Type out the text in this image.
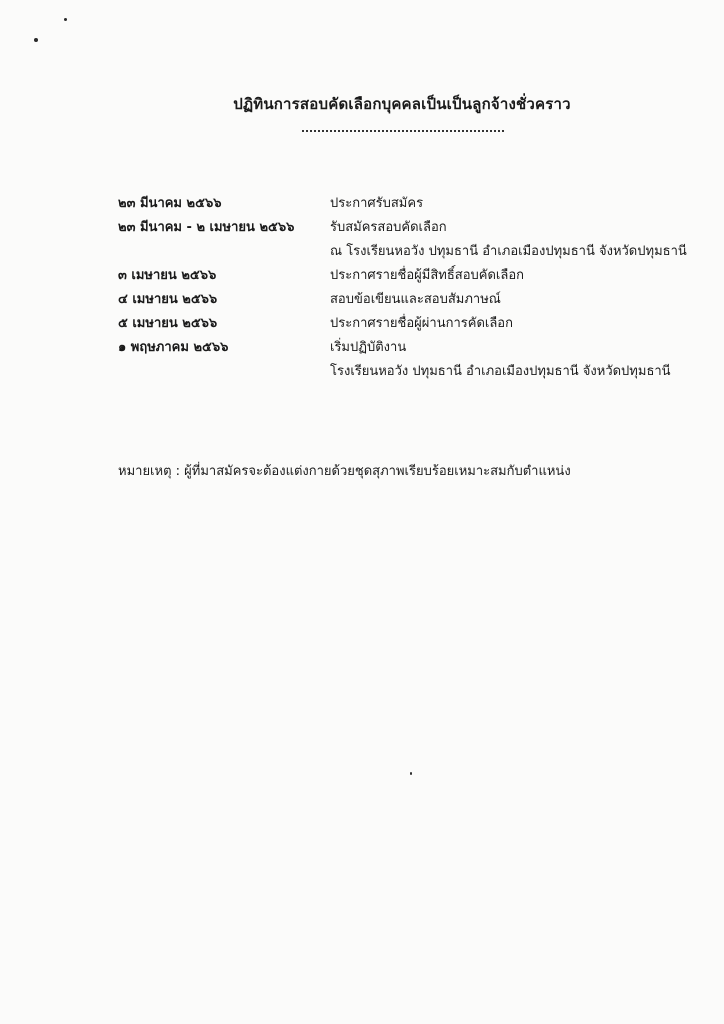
ปฏิทินการสอบคัดเลือกบุคคลเป็นเป็นลูกจ้างชั่วคราว
๒๓ มีนาคม ๒๕๖๖	ประกาศรับสมัคร
๒๓ มีนาคม - ๒ เมษายน ๒๕๖๖	รับสมัครสอบคัดเลือก
ณ โรงเรียนหอวัง ปทุมธานี อำเภอเมืองปทุมธานี จังหวัดปทุมธานี
๓ เมษายน ๒๕๖๖	ประกาศรายชื่อผู้มีสิทธิ์สอบคัดเลือก
๔ เมษายน ๒๕๖๖	สอบข้อเขียนและสอบสัมภาษณ์
๕ เมษายน ๒๕๖๖	ประกาศรายชื่อผู้ผ่านการคัดเลือก
๑ พฤษภาคม ๒๕๖๖	เริ่มปฏิบัติงาน
โรงเรียนหอวัง ปทุมธานี อำเภอเมืองปทุมธานี จังหวัดปทุมธานี
หมายเหตุ : ผู้ที่มาสมัครจะต้องแต่งกายด้วยชุดสุภาพเรียบร้อยเหมาะสมกับตำแหน่ง
